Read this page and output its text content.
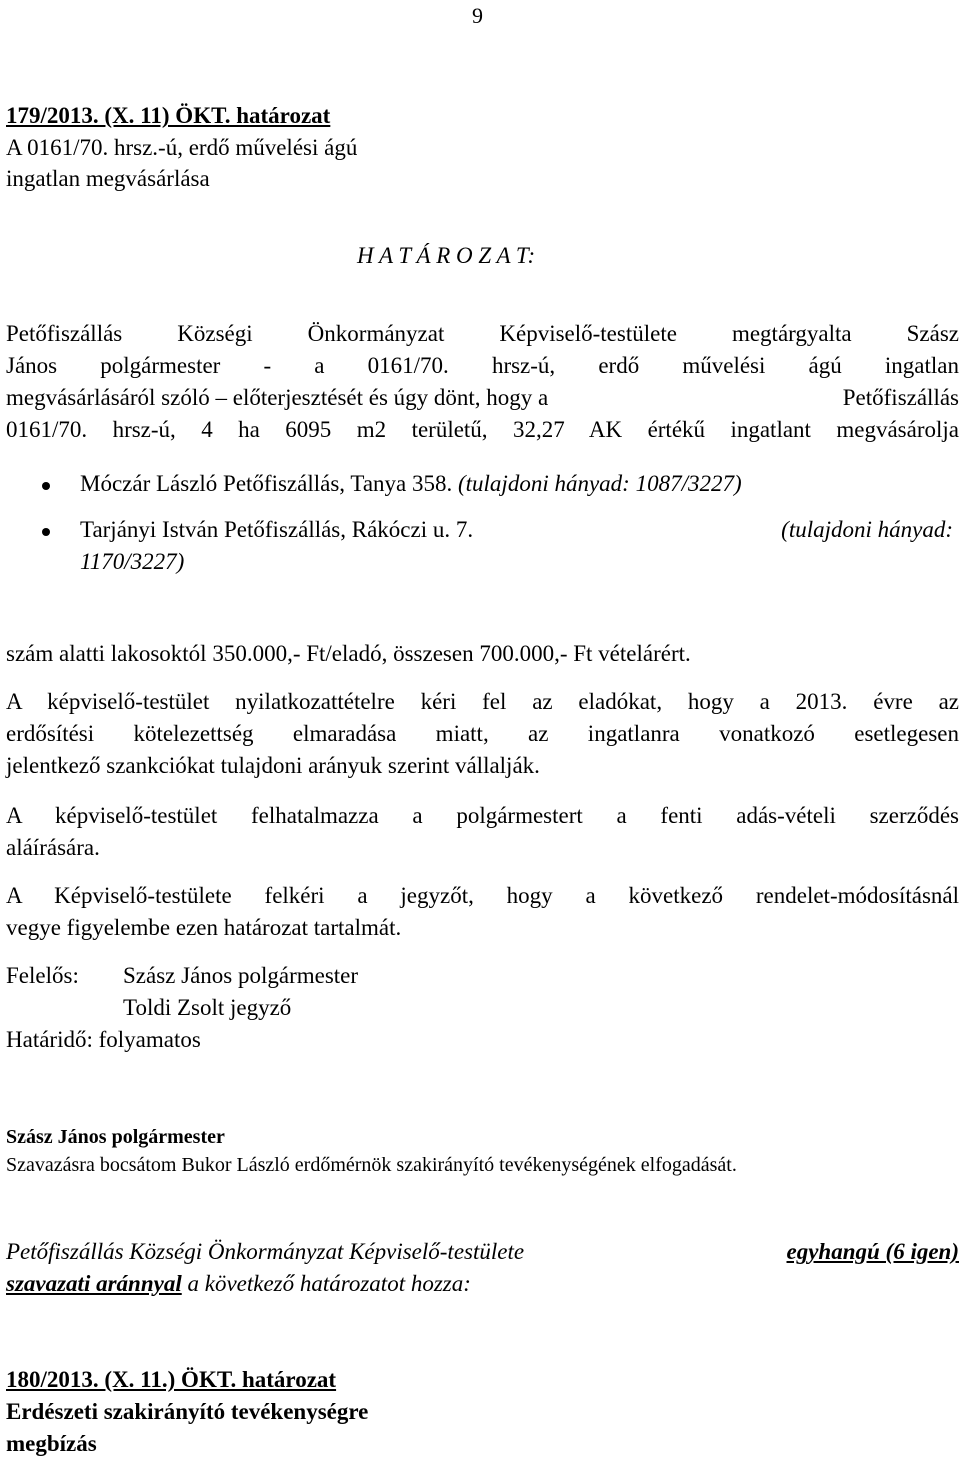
9
179/2013. (X. 11) ÖKT. határozat
A 0161/70. hrsz.-ú, erdő művelési ágú
ingatlan megvásárlása
H A T Á R O Z A T:
Petőfiszállás Községi Önkormányzat Képviselő-testülete megtárgyalta Szász
János polgármester - a 0161/70. hrsz-ú, erdő művelési ágú ingatlan
megvásárlásáról szóló – előterjesztését és úgy dönt, hogy a	Petőfiszállás
0161/70. hrsz-ú, 4 ha 6095 m2 területű, 32,27 AK értékű ingatlant megvásárolja
Móczár László Petőfiszállás, Tanya 358. (tulajdoni hányad: 1087/3227)
Tarjányi István Petőfiszállás, Rákóczi u. 7.	(tulajdoni hányad:
1170/3227)
szám alatti lakosoktól 350.000,- Ft/eladó, összesen 700.000,- Ft vételárért.
A képviselő-testület nyilatkozattételre kéri fel az eladókat, hogy a 2013. évre az
erdősítési kötelezettség elmaradása miatt, az ingatlanra vonatkozó esetlegesen
jelentkező szankciókat tulajdoni arányuk szerint vállalják.
A képviselő-testület felhatalmazza a polgármestert a fenti adás-vételi szerződés
aláírására.
A Képviselő-testülete felkéri a jegyzőt, hogy a következő rendelet-módosításnál
vegye figyelembe ezen határozat tartalmát.
Felelős: Szász János polgármester
Toldi Zsolt jegyző
Határidő: folyamatos
Szász János polgármester
Szavazásra bocsátom Bukor László erdőmérnök szakirányító tevékenységének elfogadását.
Petőfiszállás Községi Önkormányzat Képviselő-testülete	egyhangú (6 igen)
szavazati aránnyal a következő határozatot hozza:
180/2013. (X. 11.) ÖKT. határozat
Erdészeti szakirányító tevékenységre
megbízás
